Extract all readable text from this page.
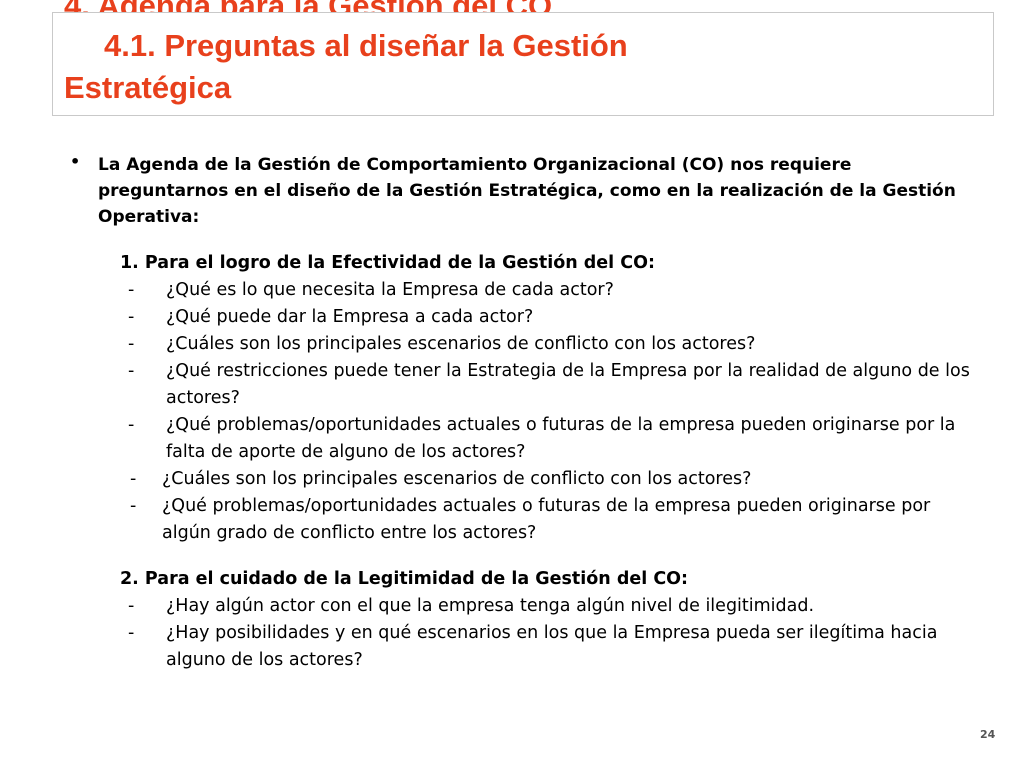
4.1. Preguntas al diseñar la Gestión
Estratégica
• La Agenda de la Gestión de Comportamiento Organizacional (CO) nos requiere preguntarnos en el diseño de la Gestión Estratégica, como en la realización de la Gestión Operativa:

1. Para el logro de la Efectividad de la Gestión del CO:

- ¿Qué es lo que necesita la Empresa de cada actor?
- ¿Qué puede dar la Empresa a cada actor?
- ¿Cuáles son los principales escenarios de conflicto con los actores?
- ¿Qué restricciones puede tener la Estrategia de la Empresa por la realidad de alguno de los actores?
- ¿Qué problemas/oportunidades actuales o futuras de la empresa pueden originarse por la falta de aporte de alguno de los actores?
- ¿Cuáles son los principales escenarios de conflicto con los actores?
- ¿Qué problemas/oportunidades actuales o futuras de la empresa pueden originarse por algún grado de conflicto entre los actores?

2. Para el cuidado de la Legitimidad de la Gestión del CO:

- ¿Hay algún actor con el que la empresa tenga algún nivel de ilegitimidad.
- ¿Hay posibilidades y en qué escenarios en los que la Empresa pueda ser ilegítima hacia alguno de los actores?
24
